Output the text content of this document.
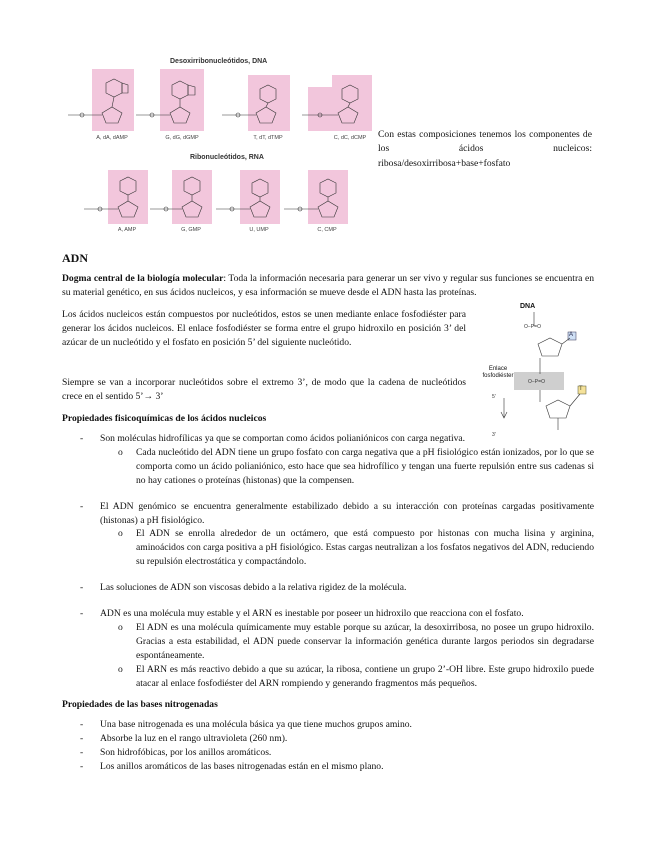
Desoxirribonucleótidos, DNA
Ribonucleótidos, RNA
A, dA, dAMP	G, dG, dGMP	T, dT, dTMP	C, dC, dCMP
A, AMP	G, GMP	U, UMP	C, CMP
Con estas composiciones tenemos los componentes de los ácidos nucleicos: ribosa/desoxirribosa+base+fosfato
ADN
Dogma central de la biología molecular: Toda la información necesaria para generar un ser vivo y regular sus funciones se encuentra en su material genético, en sus ácidos nucleicos, y esa información se mueve desde el ADN hasta las proteínas.
Los ácidos nucleicos están compuestos por nucleótidos, estos se unen mediante enlace fosfodiéster para generar los ácidos nucleicos. El enlace fosfodiéster se forma entre el grupo hidroxilo en posición 3’ del azúcar de un nucleótido y el fosfato en posición 5’ del siguiente nucleótido.
Siempre se van a incorporar nucleótidos sobre el extremo 3’, de modo que la cadena de nucleótidos crece en el sentido 5’→ 3’
O−P=O
O−P=O
3′
5′
DNA
Enlace fosfodiéster
A
T
Propiedades fisicoquímicas de los ácidos nucleicos
- Son moléculas hidrofílicas ya que se comportan como ácidos polianiónicos con carga negativa.
o Cada nucleótido del ADN tiene un grupo fosfato con carga negativa que a pH fisiológico están ionizados, por lo que se comporta como un ácido polianiónico, esto hace que sea hidrofílico y tengan una fuerte repulsión entre sus cadenas si no hay cationes o proteínas (histonas) que la compensen.
- El ADN genómico se encuentra generalmente estabilizado debido a su interacción con proteínas cargadas positivamente (histonas) a pH fisiológico.
o El ADN se enrolla alrededor de un octámero, que está compuesto por histonas con mucha lisina y arginina, aminoácidos con carga positiva a pH fisiológico. Estas cargas neutralizan a los fosfatos negativos del ADN, reduciendo su repulsión electrostática y compactándolo.
- Las soluciones de ADN son viscosas debido a la relativa rigidez de la molécula.
- ADN es una molécula muy estable y el ARN es inestable por poseer un hidroxilo que reacciona con el fosfato.
o El ADN es una molécula químicamente muy estable porque su azúcar, la desoxirribosa, no posee un grupo hidroxilo. Gracias a esta estabilidad, el ADN puede conservar la información genética durante largos periodos sin degradarse espontáneamente.
o El ARN es más reactivo debido a que su azúcar, la ribosa, contiene un grupo 2’-OH libre. Este grupo hidroxilo puede atacar al enlace fosfodiéster del ARN rompiendo y generando fragmentos más pequeños.
Propiedades de las bases nitrogenadas
- Una base nitrogenada es una molécula básica ya que tiene muchos grupos amino.
- Absorbe la luz en el rango ultravioleta (260 nm).
- Son hidrofóbicas, por los anillos aromáticos.
- Los anillos aromáticos de las bases nitrogenadas están en el mismo plano.
